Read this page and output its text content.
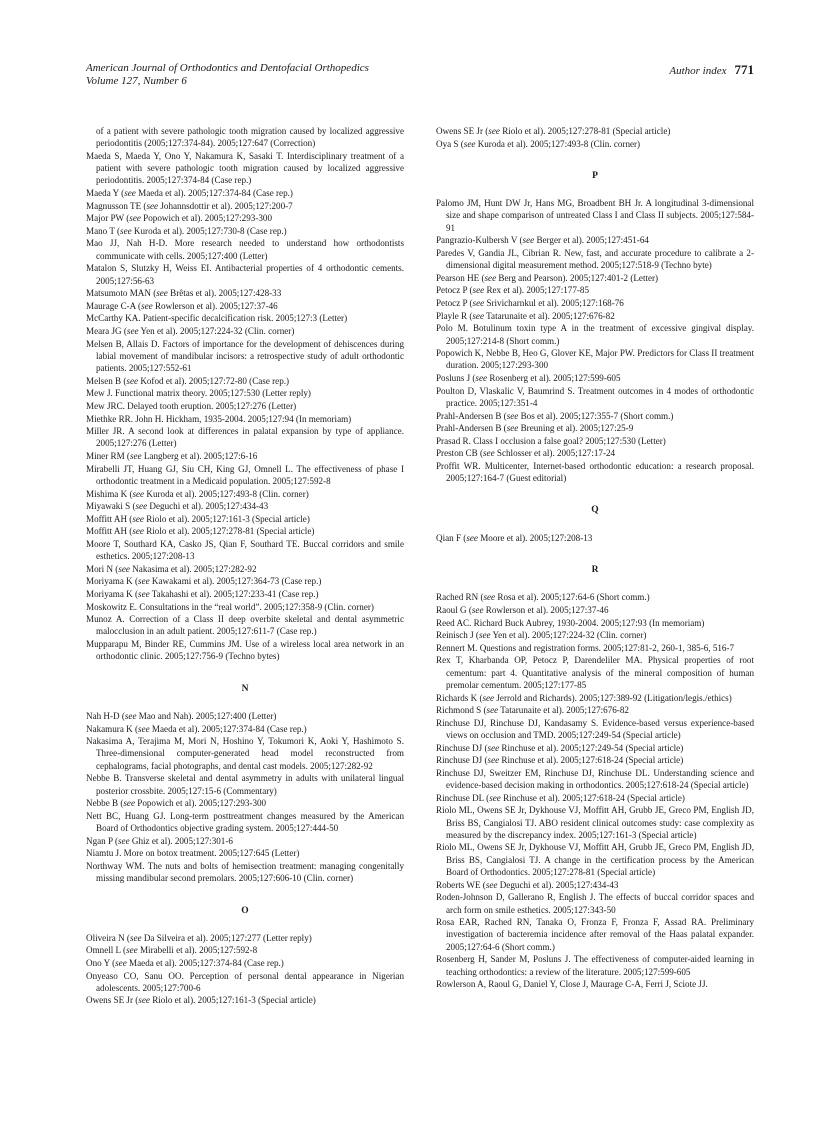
American Journal of Orthodontics and Dentofacial Orthopedics
Volume 127, Number 6
Author index 771
of a patient with severe pathologic tooth migration caused by localized aggressive periodontitis (2005;127:374-84). 2005;127:647 (Correction)
Maeda S, Maeda Y, Ono Y, Nakamura K, Sasaki T. Interdisciplinary treatment of a patient with severe pathologic tooth migration caused by localized aggressive periodontitis. 2005;127:374-84 (Case rep.)
Maeda Y (see Maeda et al). 2005;127:374-84 (Case rep.)
Magnusson TE (see Johannsdottir et al). 2005;127:200-7
Major PW (see Popowich et al). 2005;127:293-300
Mano T (see Kuroda et al). 2005;127:730-8 (Case rep.)
Mao JJ, Nah H-D. More research needed to understand how orthodontists communicate with cells. 2005;127:400 (Letter)
Matalon S, Slutzky H, Weiss EI. Antibacterial properties of 4 orthodontic cements. 2005;127:56-63
Matsumoto MAN (see Brêtas et al). 2005;127:428-33
Maurage C-A (see Rowlerson et al). 2005;127:37-46
McCarthy KA. Patient-specific decalcification risk. 2005;127:3 (Letter)
Meara JG (see Yen et al). 2005;127:224-32 (Clin. corner)
Melsen B, Allais D. Factors of importance for the development of dehiscences during labial movement of mandibular incisors: a retrospective study of adult orthodontic patients. 2005;127:552-61
Melsen B (see Kofod et al). 2005;127:72-80 (Case rep.)
Mew J. Functional matrix theory. 2005;127:530 (Letter reply)
Mew JRC. Delayed tooth eruption. 2005;127:276 (Letter)
Miethke RR. John H. Hickham, 1935-2004. 2005;127:94 (In memoriam)
Miller JR. A second look at differences in palatal expansion by type of appliance. 2005;127:276 (Letter)
Miner RM (see Langberg et al). 2005;127:6-16
Mirabelli JT, Huang GJ, Siu CH, King GJ, Omnell L. The effectiveness of phase I orthodontic treatment in a Medicaid population. 2005;127:592-8
Mishima K (see Kuroda et al). 2005;127:493-8 (Clin. corner)
Miyawaki S (see Deguchi et al). 2005;127:434-43
Moffitt AH (see Riolo et al). 2005;127:161-3 (Special article)
Moffitt AH (see Riolo et al). 2005;127:278-81 (Special article)
Moore T, Southard KA, Casko JS, Qian F, Southard TE. Buccal corridors and smile esthetics. 2005;127:208-13
Mori N (see Nakasima et al). 2005;127:282-92
Moriyama K (see Kawakami et al). 2005;127:364-73 (Case rep.)
Moriyama K (see Takahashi et al). 2005;127:233-41 (Case rep.)
Moskowitz E. Consultations in the “real world”. 2005;127:358-9 (Clin. corner)
Munoz A. Correction of a Class II deep overbite skeletal and dental asymmetric malocclusion in an adult patient. 2005;127:611-7 (Case rep.)
Mupparapu M, Binder RE, Cummins JM. Use of a wireless local area network in an orthodontic clinic. 2005;127:756-9 (Techno bytes)
N
Nah H-D (see Mao and Nah). 2005;127:400 (Letter)
Nakamura K (see Maeda et al). 2005;127:374-84 (Case rep.)
Nakasima A, Terajima M, Mori N, Hoshino Y, Tokumori K, Aoki Y, Hashimoto S. Three-dimensional computer-generated head model reconstructed from cephalograms, facial photographs, and dental cast models. 2005;127:282-92
Nebbe B. Transverse skeletal and dental asymmetry in adults with unilateral lingual posterior crossbite. 2005;127:15-6 (Commentary)
Nebbe B (see Popowich et al). 2005;127:293-300
Nett BC, Huang GJ. Long-term posttreatment changes measured by the American Board of Orthodontics objective grading system. 2005;127:444-50
Ngan P (see Ghiz et al). 2005;127:301-6
Niamtu J. More on botox treatment. 2005;127:645 (Letter)
Northway WM. The nuts and bolts of hemisection treatment: managing congenitally missing mandibular second premolars. 2005;127:606-10 (Clin. corner)
O
Oliveira N (see Da Silveira et al). 2005;127:277 (Letter reply)
Omnell L (see Mirabelli et al). 2005;127:592-8
Ono Y (see Maeda et al). 2005;127:374-84 (Case rep.)
Onyeaso CO, Sanu OO. Perception of personal dental appearance in Nigerian adolescents. 2005;127:700-6
Owens SE Jr (see Riolo et al). 2005;127:161-3 (Special article)
Owens SE Jr (see Riolo et al). 2005;127:278-81 (Special article)
Oya S (see Kuroda et al). 2005;127:493-8 (Clin. corner)
P
Palomo JM, Hunt DW Jr, Hans MG, Broadbent BH Jr. A longitudinal 3-dimensional size and shape comparison of untreated Class I and Class II subjects. 2005;127:584-91
Pangrazio-Kulbersh V (see Berger et al). 2005;127:451-64
Paredes V, Gandia JL, Cibrian R. New, fast, and accurate procedure to calibrate a 2-dimensional digital measurement method. 2005;127:518-9 (Techno byte)
Pearson HE (see Berg and Pearson). 2005;127:401-2 (Letter)
Petocz P (see Rex et al). 2005;127:177-85
Petocz P (see Srivicharnkul et al). 2005;127:168-76
Playle R (see Tatarunaite et al). 2005;127:676-82
Polo M. Botulinum toxin type A in the treatment of excessive gingival display. 2005;127:214-8 (Short comm.)
Popowich K, Nebbe B, Heo G, Glover KE, Major PW. Predictors for Class II treatment duration. 2005;127:293-300
Posluns J (see Rosenberg et al). 2005;127:599-605
Poulton D, Vlaskalic V, Baumrind S. Treatment outcomes in 4 modes of orthodontic practice. 2005;127:351-4
Prahl-Andersen B (see Bos et al). 2005;127:355-7 (Short comm.)
Prahl-Andersen B (see Breuning et al). 2005;127:25-9
Prasad R. Class I occlusion a false goal? 2005;127:530 (Letter)
Preston CB (see Schlosser et al). 2005;127:17-24
Proffit WR. Multicenter, Internet-based orthodontic education: a research proposal. 2005;127:164-7 (Guest editorial)
Q
Qian F (see Moore et al). 2005;127:208-13
R
Rached RN (see Rosa et al). 2005;127:64-6 (Short comm.)
Raoul G (see Rowlerson et al). 2005;127:37-46
Reed AC. Richard Buck Aubrey, 1930-2004. 2005;127:93 (In memoriam)
Reinisch J (see Yen et al). 2005;127:224-32 (Clin. corner)
Rennert M. Questions and registration forms. 2005;127:81-2, 260-1, 385-6, 516-7
Rex T, Kharbanda OP, Petocz P, Darendeliler MA. Physical properties of root cementum: part 4. Quantitative analysis of the mineral composition of human premolar cementum. 2005;127:177-85
Richards K (see Jerrold and Richards). 2005;127:389-92 (Litigation/legis./ethics)
Richmond S (see Tatarunaite et al). 2005;127:676-82
Rinchuse DJ, Rinchuse DJ, Kandasamy S. Evidence-based versus experience-based views on occlusion and TMD. 2005;127:249-54 (Special article)
Rinchuse DJ (see Rinchuse et al). 2005;127:249-54 (Special article)
Rinchuse DJ (see Rinchuse et al). 2005;127:618-24 (Special article)
Rinchuse DJ, Sweitzer EM, Rinchuse DJ, Rinchuse DL. Understanding science and evidence-based decision making in orthodontics. 2005;127:618-24 (Special article)
Rinchuse DL (see Rinchuse et al). 2005;127:618-24 (Special article)
Riolo ML, Owens SE Jr, Dykhouse VJ, Moffitt AH, Grubb JE, Greco PM, English JD, Briss BS, Cangialosi TJ. ABO resident clinical outcomes study: case complexity as measured by the discrepancy index. 2005;127:161-3 (Special article)
Riolo ML, Owens SE Jr, Dykhouse VJ, Moffitt AH, Grubb JE, Greco PM, English JD, Briss BS, Cangialosi TJ. A change in the certification process by the American Board of Orthodontics. 2005;127:278-81 (Special article)
Roberts WE (see Deguchi et al). 2005;127:434-43
Roden-Johnson D, Gallerano R, English J. The effects of buccal corridor spaces and arch form on smile esthetics. 2005;127:343-50
Rosa EAR, Rached RN, Tanaka O, Fronza F, Fronza F, Assad RA. Preliminary investigation of bacteremia incidence after removal of the Haas palatal expander. 2005;127:64-6 (Short comm.)
Rosenberg H, Sander M, Posluns J. The effectiveness of computer-aided learning in teaching orthodontics: a review of the literature. 2005;127:599-605
Rowlerson A, Raoul G, Daniel Y, Close J, Maurage C-A, Ferri J, Sciote JJ.
